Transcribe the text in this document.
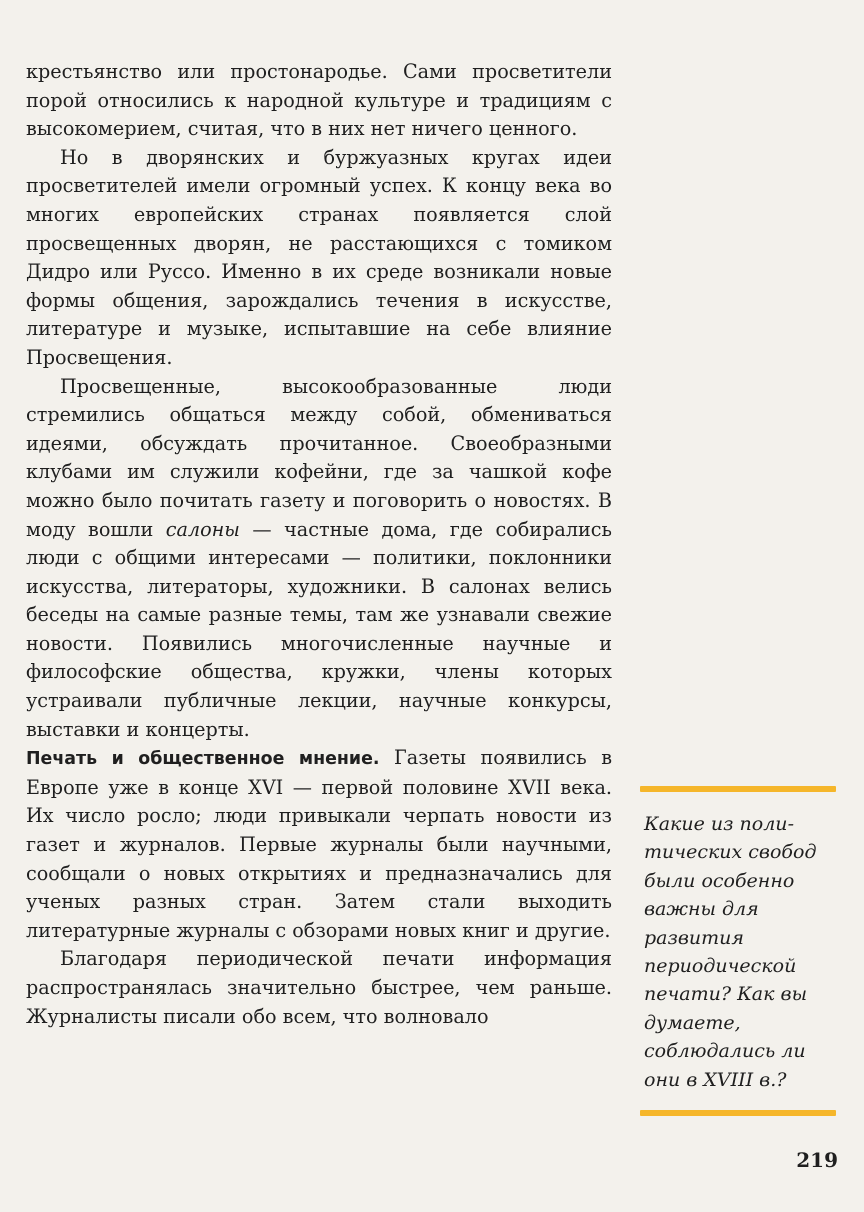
крестьянство или простонародье. Сами просветители порой относились к народной культуре и традициям с высокомерием, считая, что в них нет ничего ценного.

Но в дворянских и буржуазных кругах идеи просветителей имели огромный успех. К концу века во многих европейских странах появляется слой просвещенных дворян, не расстающихся с томиком Дидро или Руссо. Именно в их среде возникали новые формы общения, зарождались течения в искусстве, литературе и музыке, испытавшие на себе влияние Просвещения.

Просвещенные, высокообразованные люди стремились общаться между собой, обмениваться идеями, обсуждать прочитанное. Своеобразными клубами им служили кофейни, где за чашкой кофе можно было почитать газету и поговорить о новостях. В моду вошли салоны — частные дома, где собирались люди с общими интересами — политики, поклонники искусства, литераторы, художники. В салонах велись беседы на самые разные темы, там же узнавали свежие новости. Появились многочисленные научные и философские общества, кружки, члены которых устраивали публичные лекции, научные конкурсы, выставки и концерты.

Печать и общественное мнение. Газеты появились в Европе уже в конце XVI — первой половине XVII века. Их число росло; люди привыкали черпать новости из газет и журналов. Первые журналы были научными, сообщали о новых открытиях и предназначались для ученых разных стран. Затем стали выходить литературные журналы с обзорами новых книг и другие.

Благодаря периодической печати информация распространялась значительно быстрее, чем раньше. Журналисты писали обо всем, что волновало

Какие из политических свобод были особенно важны для развития периодической печати? Как вы думаете, соблюдались ли они в XVIII в.?
219
